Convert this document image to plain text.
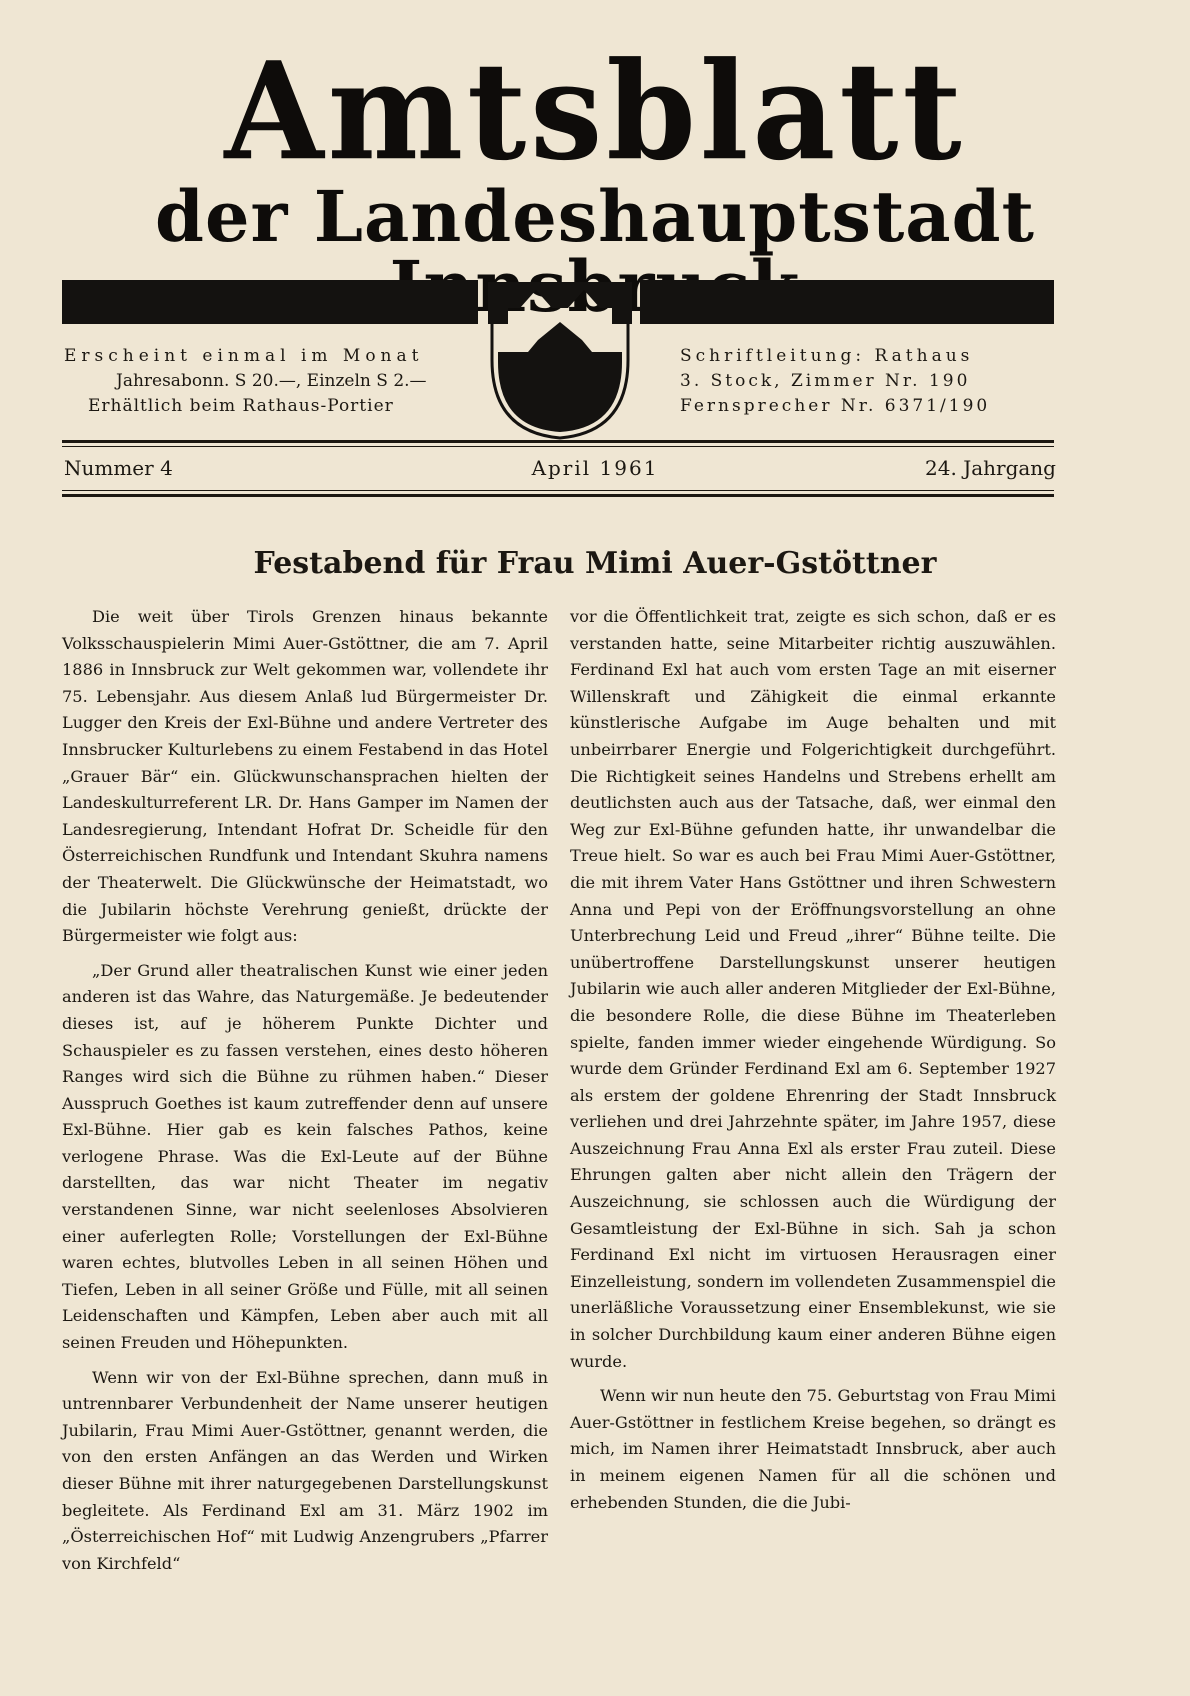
Amtsblatt
der Landeshauptstadt
Erscheint einmal im Monat
Jahresabonn. S 20.—, Einzeln S 2.—
Erhältlich beim Rathaus-Portier
Schriftleitung: Rathaus
3. Stock, Zimmer Nr. 190
Fernsprecher Nr. 6371/190
April 1961
Nummer 4	24. Jahrgang
Festabend für Frau Mimi Auer-Gstöttner

Die weit über Tirols Grenzen hinaus bekannte Volksschauspielerin Mimi Auer-Gstöttner, die am 7. April 1886 in Innsbruck zur Welt gekommen war, vollendete ihr 75. Lebensjahr. Aus diesem Anlaß lud Bürgermeister Dr. Lugger den Kreis der Exl-Bühne und andere Vertreter des Innsbrucker Kulturlebens zu einem Festabend in das Hotel „Grauer Bär“ ein. Glückwunschansprachen hielten der Landeskulturreferent LR. Dr. Hans Gamper im Namen der Landesregierung, Intendant Hofrat Dr. Scheidle für den Österreichischen Rundfunk und Intendant Skuhra namens der Theaterwelt. Die Glückwünsche der Heimatstadt, wo die Jubilarin höchste Verehrung genießt, drückte der Bürgermeister wie folgt aus:

„Der Grund aller theatralischen Kunst wie einer jeden anderen ist das Wahre, das Naturgemäße. Je bedeutender dieses ist, auf je höherem Punkte Dichter und Schauspieler es zu fassen verstehen, eines desto höheren Ranges wird sich die Bühne zu rühmen haben.“ Dieser Ausspruch Goethes ist kaum zutreffender denn auf unsere Exl-Bühne. Hier gab es kein falsches Pathos, keine verlogene Phrase. Was die Exl-Leute auf der Bühne darstellten, das war nicht Theater im negativ verstandenen Sinne, war nicht seelenloses Absolvieren einer auferlegten Rolle; Vorstellungen der Exl-Bühne waren echtes, blutvolles Leben in all seinen Höhen und Tiefen, Leben in all seiner Größe und Fülle, mit all seinen Leidenschaften und Kämpfen, Leben aber auch mit all seinen Freuden und Höhepunkten.

Wenn wir von der Exl-Bühne sprechen, dann muß in untrennbarer Verbundenheit der Name unserer heutigen Jubilarin, Frau Mimi Auer-Gstöttner, genannt werden, die von den ersten Anfängen an das Werden und Wirken dieser Bühne mit ihrer naturgegebenen Darstellungskunst begleitete. Als Ferdinand Exl am 31. März 1902 im „Österreichischen Hof“ mit Ludwig Anzengrubers „Pfarrer von Kirchfeld“

vor die Öffentlichkeit trat, zeigte es sich schon, daß er es verstanden hatte, seine Mitarbeiter richtig auszuwählen. Ferdinand Exl hat auch vom ersten Tage an mit eiserner Willenskraft und Zähigkeit die einmal erkannte künstlerische Aufgabe im Auge behalten und mit unbeirrbarer Energie und Folgerichtigkeit durchgeführt. Die Richtigkeit seines Handelns und Strebens erhellt am deutlichsten auch aus der Tatsache, daß, wer einmal den Weg zur Exl-Bühne gefunden hatte, ihr unwandelbar die Treue hielt. So war es auch bei Frau Mimi Auer-Gstöttner, die mit ihrem Vater Hans Gstöttner und ihren Schwestern Anna und Pepi von der Eröffnungsvorstellung an ohne Unterbrechung Leid und Freud „ihrer“ Bühne teilte. Die unübertroffene Darstellungskunst unserer heutigen Jubilarin wie auch aller anderen Mitglieder der Exl-Bühne, die besondere Rolle, die diese Bühne im Theaterleben spielte, fanden immer wieder eingehende Würdigung. So wurde dem Gründer Ferdinand Exl am 6. September 1927 als erstem der goldene Ehrenring der Stadt Innsbruck verliehen und drei Jahrzehnte später, im Jahre 1957, diese Auszeichnung Frau Anna Exl als erster Frau zuteil. Diese Ehrungen galten aber nicht allein den Trägern der Auszeichnung, sie schlossen auch die Würdigung der Gesamtleistung der Exl-Bühne in sich. Sah ja schon Ferdinand Exl nicht im virtuosen Herausragen einer Einzelleistung, sondern im vollendeten Zusammenspiel die unerläßliche Voraussetzung einer Ensemblekunst, wie sie in solcher Durchbildung kaum einer anderen Bühne eigen wurde.

Wenn wir nun heute den 75. Geburtstag von Frau Mimi Auer-Gstöttner in festlichem Kreise begehen, so drängt es mich, im Namen ihrer Heimatstadt Innsbruck, aber auch in meinem eigenen Namen für all die schönen und erhebenden Stunden, die die Jubi-
